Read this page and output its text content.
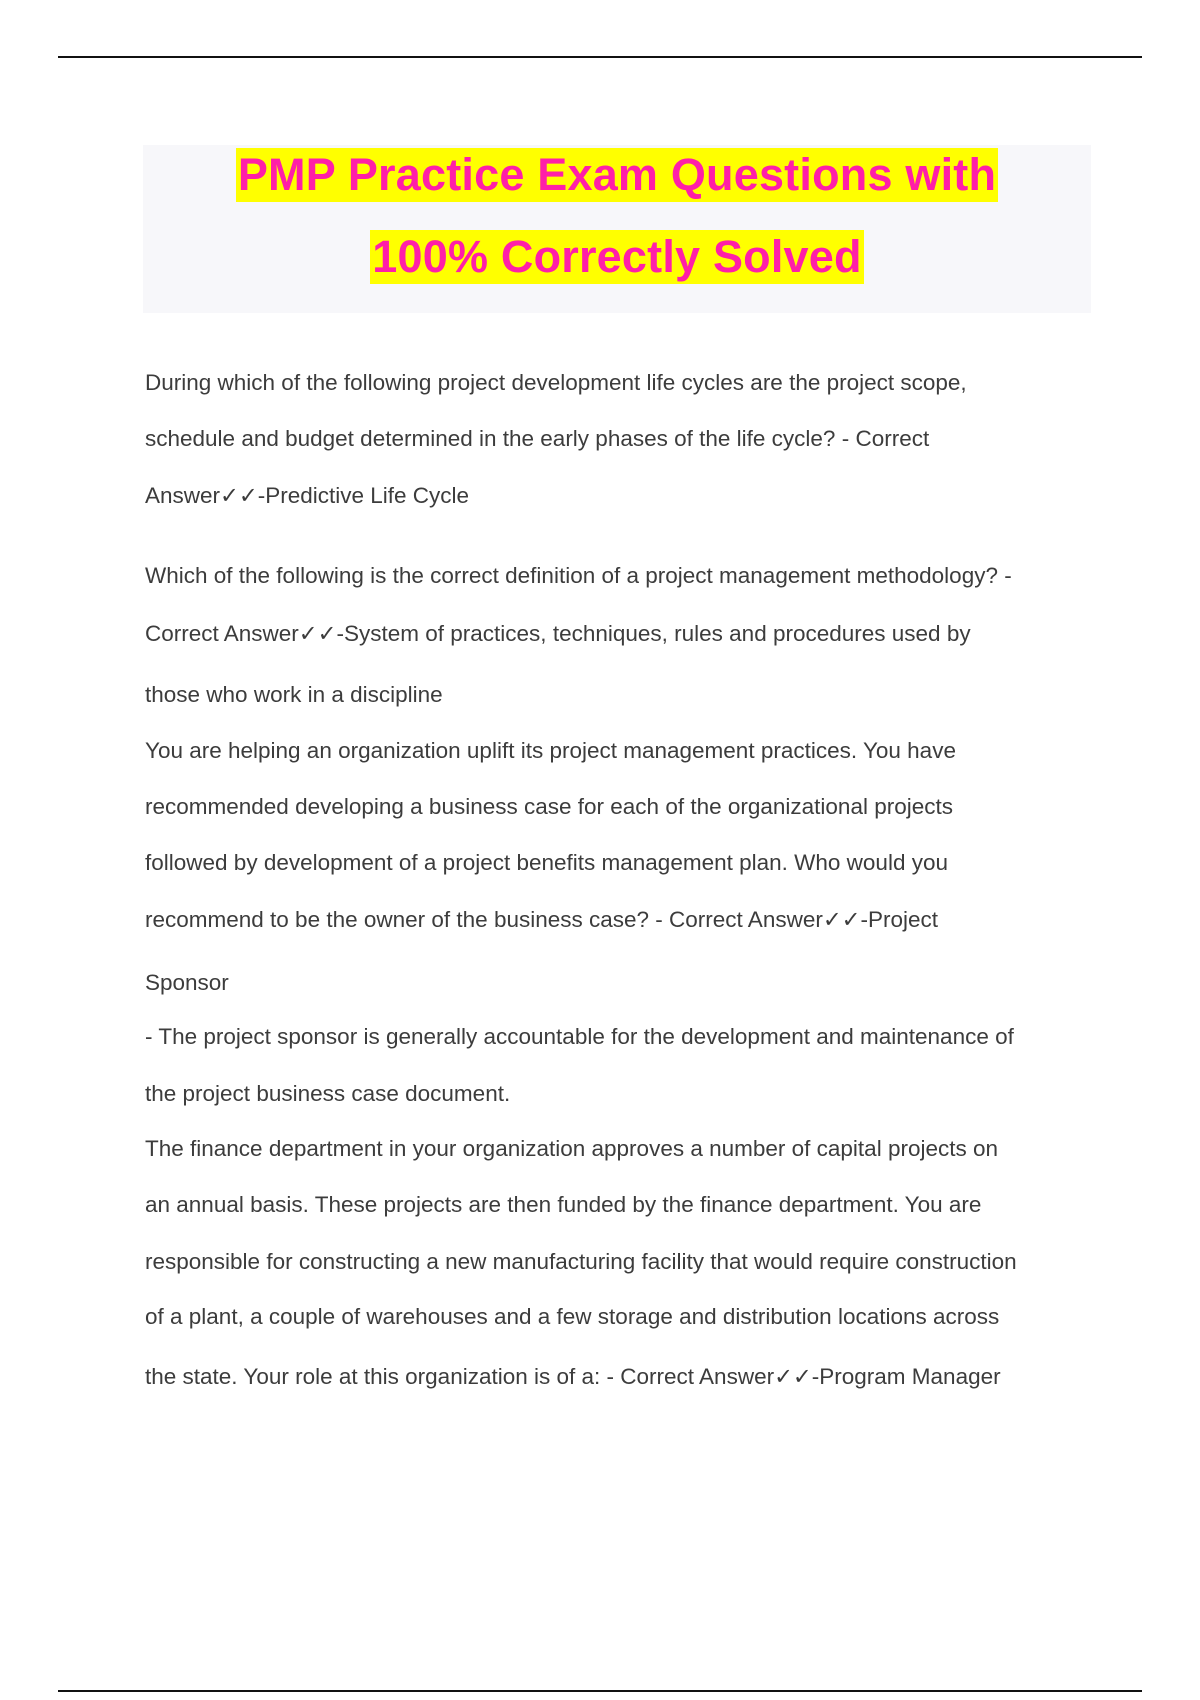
PMP Practice Exam Questions with
100% Correctly Solved
During which of the following project development life cycles are the project scope,
schedule and budget determined in the early phases of the life cycle? - Correct
Answer✓✓-Predictive Life Cycle
Which of the following is the correct definition of a project management methodology? -
Correct Answer✓✓-System of practices, techniques, rules and procedures used by
those who work in a discipline
You are helping an organization uplift its project management practices. You have
recommended developing a business case for each of the organizational projects
followed by development of a project benefits management plan. Who would you
recommend to be the owner of the business case? - Correct Answer✓✓-Project
Sponsor
- The project sponsor is generally accountable for the development and maintenance of
the project business case document.
The finance department in your organization approves a number of capital projects on
an annual basis. These projects are then funded by the finance department. You are
responsible for constructing a new manufacturing facility that would require construction
of a plant, a couple of warehouses and a few storage and distribution locations across
the state. Your role at this organization is of a: - Correct Answer✓✓-Program Manager
